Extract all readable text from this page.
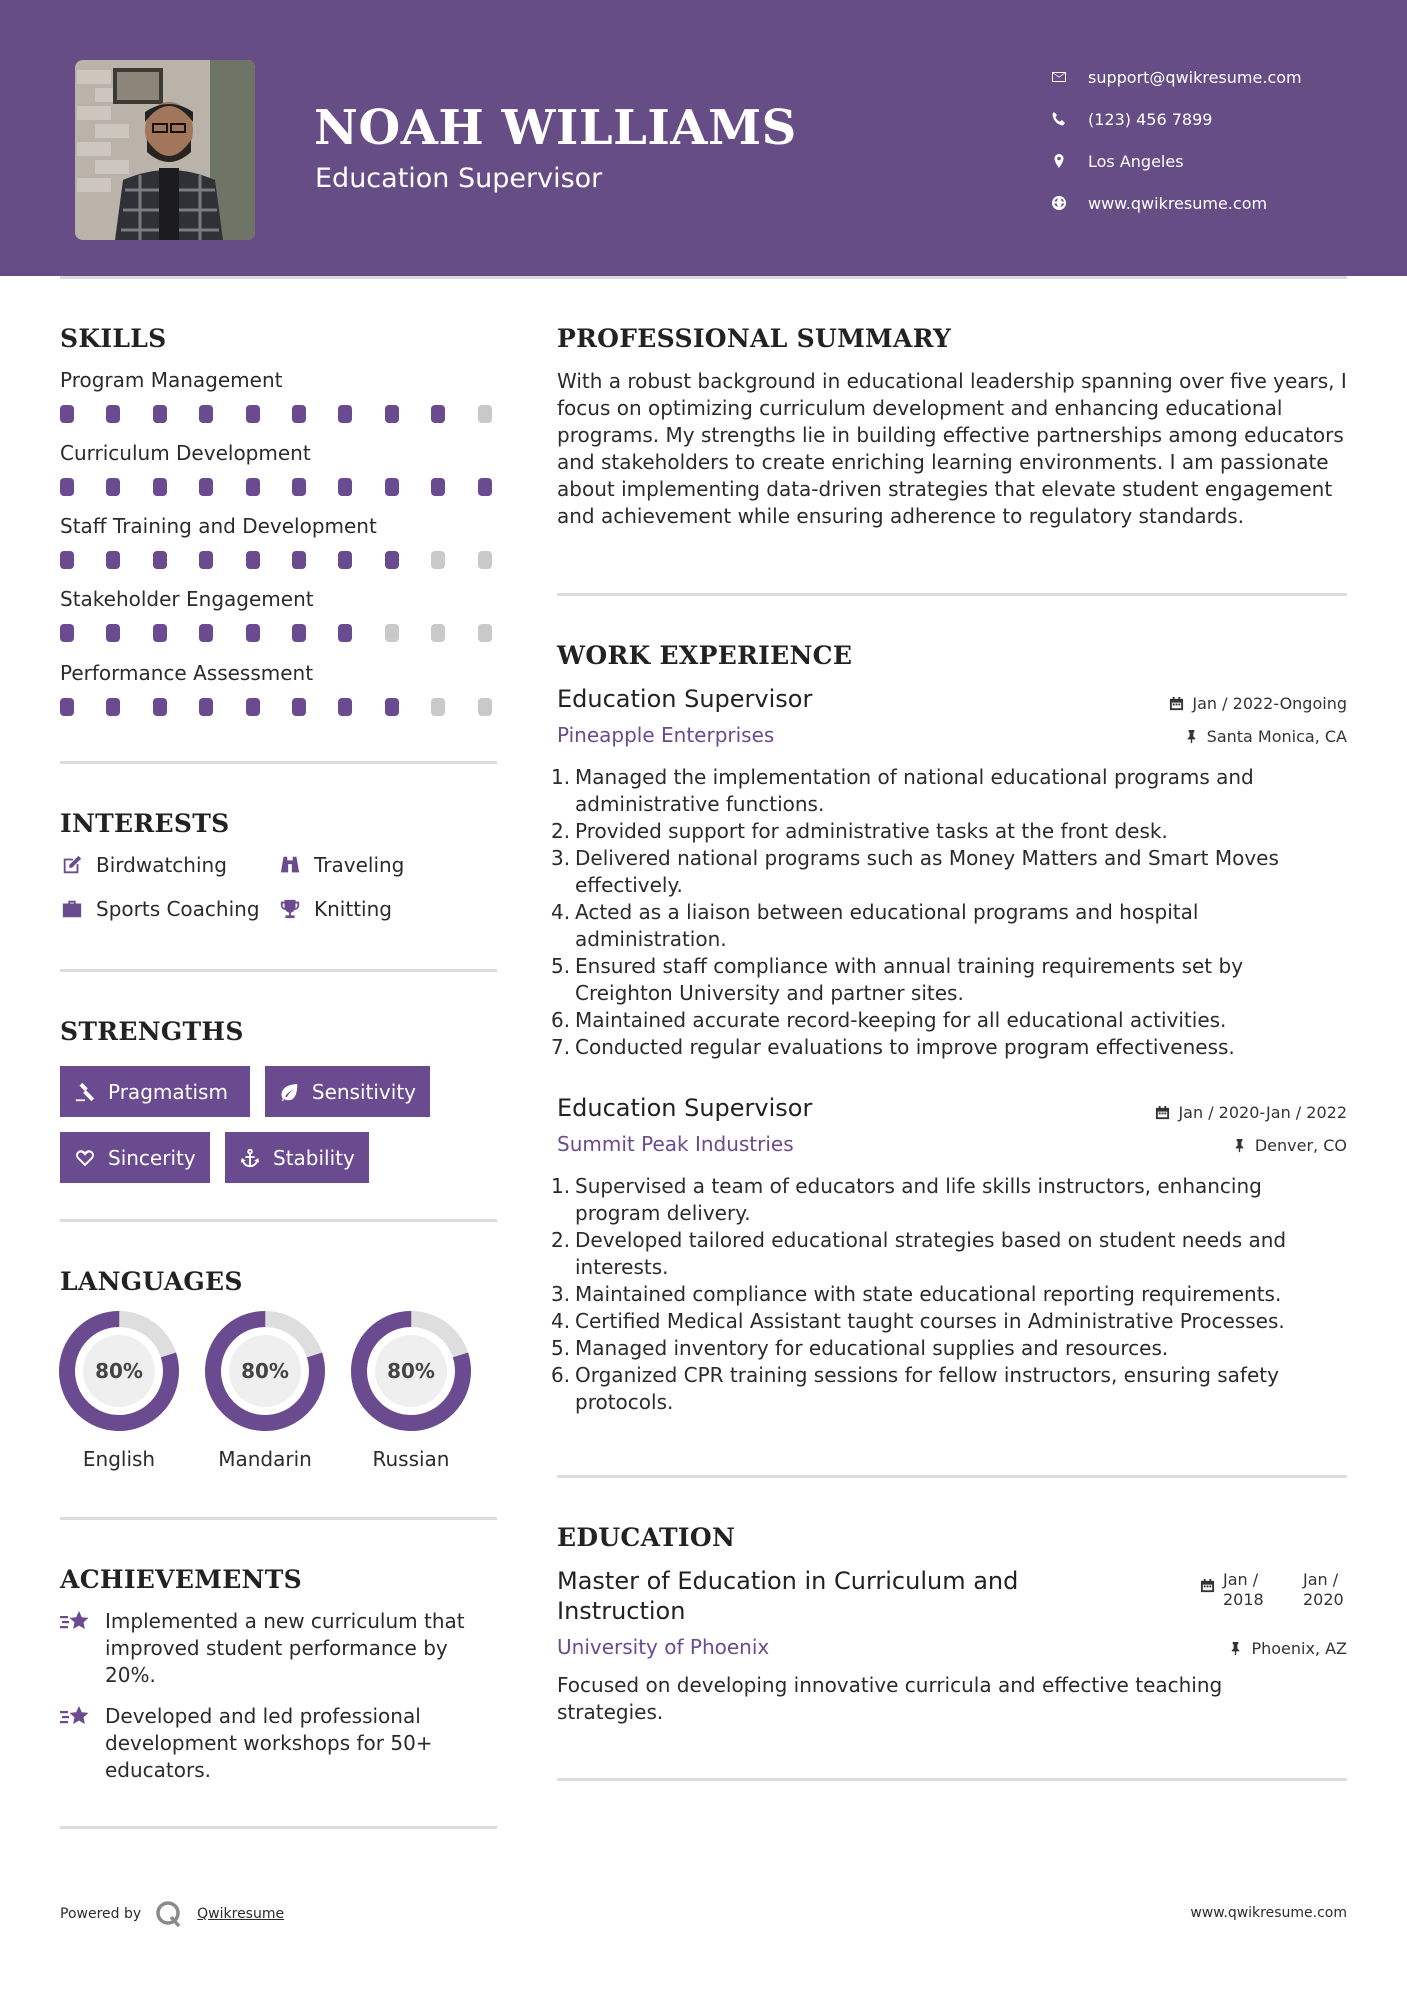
NOAH WILLIAMS
Education Supervisor
support@qwikresume.com
(123) 456 7899
Los Angeles
www.qwikresume.com
SKILLS
Program Management
Curriculum Development
Staff Training and Development
Stakeholder Engagement
Performance Assessment
INTERESTS
Birdwatching	Traveling
Sports Coaching	Knitting
STRENGTHS
Pragmatism	Sensitivity
Sincerity	Stability
LANGUAGES
80%
English
80%
Mandarin
80%
Russian
ACHIEVEMENTS
Implemented a new curriculum that improved student performance by 20%.
Developed and led professional development workshops for 50+ educators.
PROFESSIONAL SUMMARY
With a robust background in educational leadership spanning over five years, I focus on optimizing curriculum development and enhancing educational programs. My strengths lie in building effective partnerships among educators and stakeholders to create enriching learning environments. I am passionate about implementing data-driven strategies that elevate student engagement and achievement while ensuring adherence to regulatory standards.
WORK EXPERIENCE
Education Supervisor	Jan / 2022-Ongoing
Pineapple Enterprises	Santa Monica, CA
1. Managed the implementation of national educational programs and administrative functions.
2. Provided support for administrative tasks at the front desk.
3. Delivered national programs such as Money Matters and Smart Moves effectively.
4. Acted as a liaison between educational programs and hospital administration.
5. Ensured staff compliance with annual training requirements set by Creighton University and partner sites.
6. Maintained accurate record-keeping for all educational activities.
7. Conducted regular evaluations to improve program effectiveness.
Education Supervisor	Jan / 2020-Jan / 2022
Summit Peak Industries	Denver, CO
1. Supervised a team of educators and life skills instructors, enhancing program delivery.
2. Developed tailored educational strategies based on student needs and interests.
3. Maintained compliance with state educational reporting requirements.
4. Certified Medical Assistant taught courses in Administrative Processes.
5. Managed inventory for educational supplies and resources.
6. Organized CPR training sessions for fellow instructors, ensuring safety protocols.
EDUCATION
Master of Education in Curriculum and Instruction
Jan / 2018
Jan / 2020
University of Phoenix	Phoenix, AZ
Focused on developing innovative curricula and effective teaching strategies.
Powered by	Qwikresume	www.qwikresume.com
